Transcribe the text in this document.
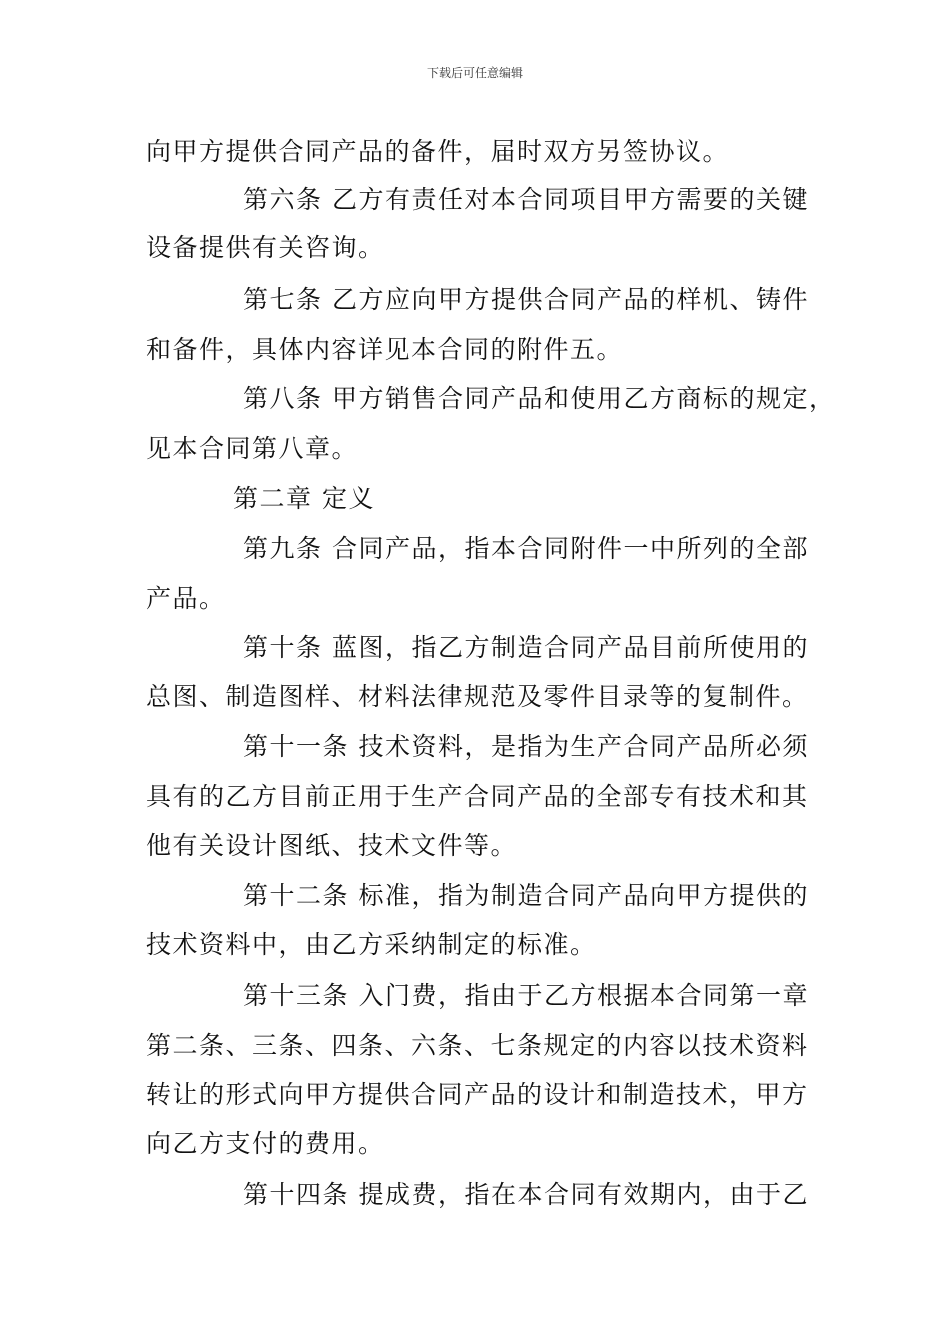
下载后可任意编辑
向甲方提供合同产品的备件，届时双方另签协议。
第六条 乙方有责任对本合同项目甲方需要的关键
设备提供有关咨询。
第七条 乙方应向甲方提供合同产品的样机、铸件
和备件，具体内容详见本合同的附件五。
第八条 甲方销售合同产品和使用乙方商标的规定，
见本合同第八章。
第二章 定义
第九条 合同产品，指本合同附件一中所列的全部
产品。
第十条 蓝图，指乙方制造合同产品目前所使用的
总图、制造图样、材料法律规范及零件目录等的复制件。
第十一条 技术资料，是指为生产合同产品所必须
具有的乙方目前正用于生产合同产品的全部专有技术和其
他有关设计图纸、技术文件等。
第十二条 标准，指为制造合同产品向甲方提供的
技术资料中，由乙方采纳制定的标准。
第十三条 入门费，指由于乙方根据本合同第一章
第二条、三条、四条、六条、七条规定的内容以技术资料
转让的形式向甲方提供合同产品的设计和制造技术，甲方
向乙方支付的费用。
第十四条 提成费，指在本合同有效期内，由于乙
